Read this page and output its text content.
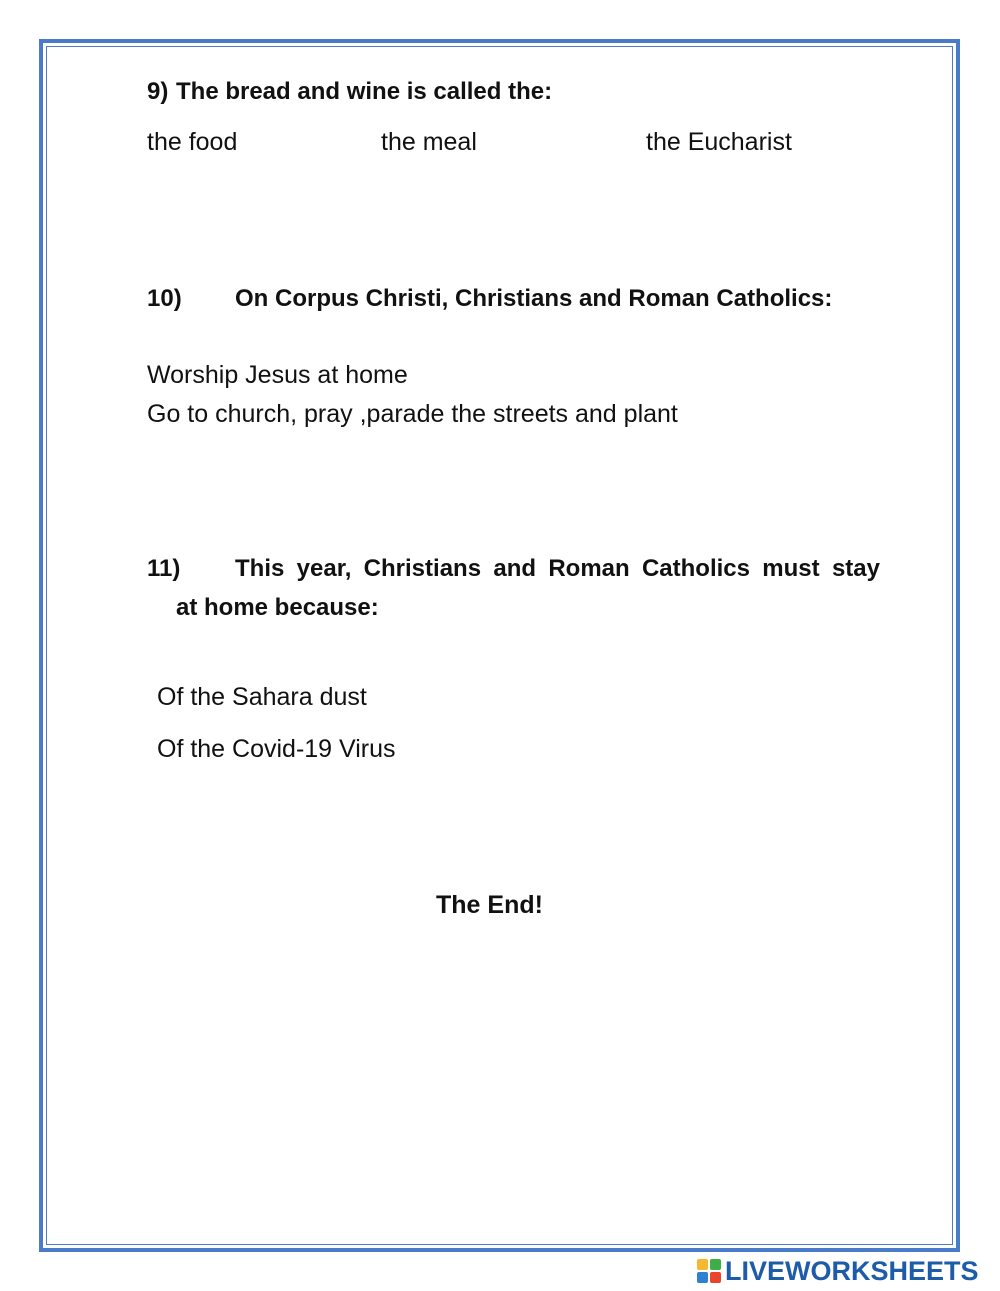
9) The bread and wine is called the:
the food	the meal	the Eucharist
10) On Corpus Christi, Christians and Roman Catholics:
Worship Jesus at home
Go to church, pray ,parade the streets and plant
11) This year, Christians and Roman Catholics must stay
at home because:
Of the Sahara dust
Of the Covid-19 Virus
The End!
LIVEWORKSHEETS
